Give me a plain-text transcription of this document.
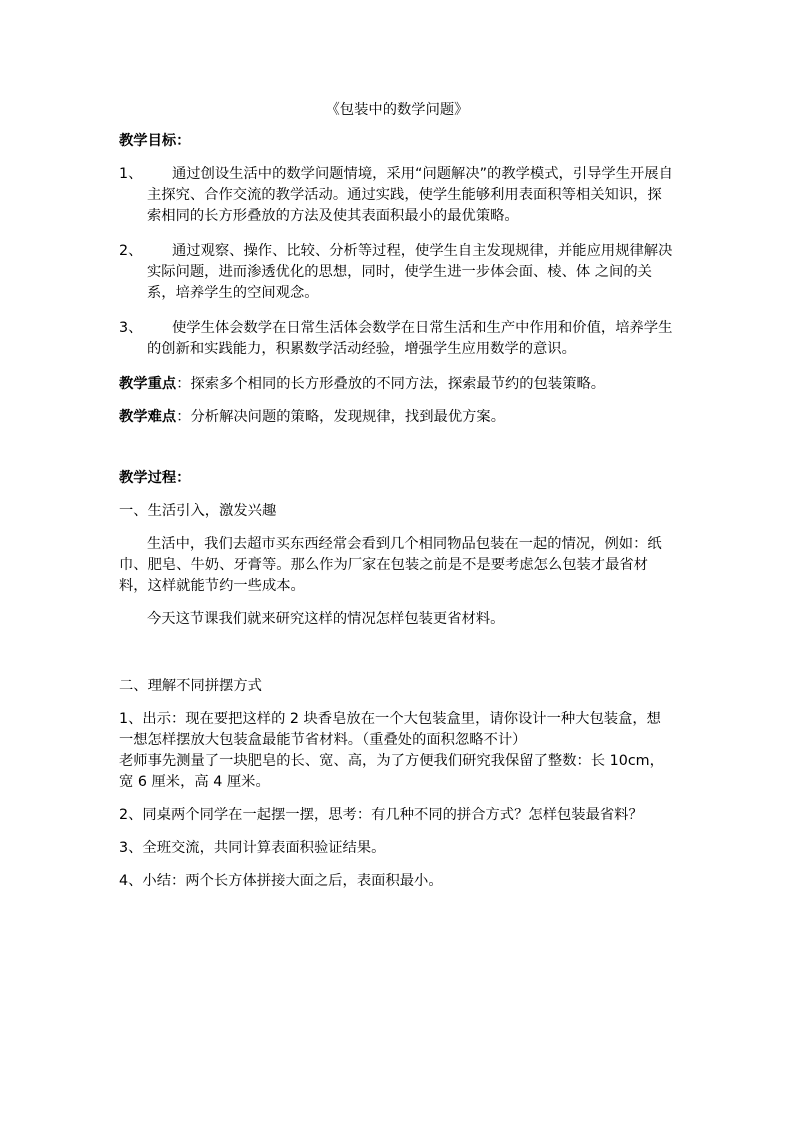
《包装中的数学问题》
教学目标：
1、	通过创设生活中的数学问题情境，采用“问题解决”的教学模式，引导学生开展自主探究、合作交流的教学活动。通过实践，使学生能够利用表面积等相关知识，探索相同的长方形叠放的方法及使其表面积最小的最优策略。
2、	通过观察、操作、比较、分析等过程，使学生自主发现规律，并能应用规律解决实际问题，进而渗透优化的思想，同时，使学生进一步体会面、棱、体 之间的关系，培养学生的空间观念。
3、	使学生体会数学在日常生活体会数学在日常生活和生产中作用和价值，培养学生的创新和实践能力，积累数学活动经验，增强学生应用数学的意识。
教学重点：探索多个相同的长方形叠放的不同方法，探索最节约的包装策略。
教学难点：分析解决问题的策略，发现规律，找到最优方案。
教学过程：
一、生活引入，激发兴趣
生活中，我们去超市买东西经常会看到几个相同物品包装在一起的情况，例如：纸巾、肥皂、牛奶、牙膏等。那么作为厂家在包装之前是不是要考虑怎么包装才最省材料，这样就能节约一些成本。
今天这节课我们就来研究这样的情况怎样包装更省材料。
二、理解不同拼摆方式
1、出示：现在要把这样的 2 块香皂放在一个大包装盒里，请你设计一种大包装盒，想一想怎样摆放大包装盒最能节省材料。（重叠处的面积忽略不计）
老师事先测量了一块肥皂的长、宽、高，为了方便我们研究我保留了整数：长 10cm，宽 6 厘米，高 4 厘米。
2、同桌两个同学在一起摆一摆，思考：有几种不同的拼合方式？怎样包装最省料？
3、全班交流，共同计算表面积验证结果。
4、小结：两个长方体拼接大面之后，表面积最小。
